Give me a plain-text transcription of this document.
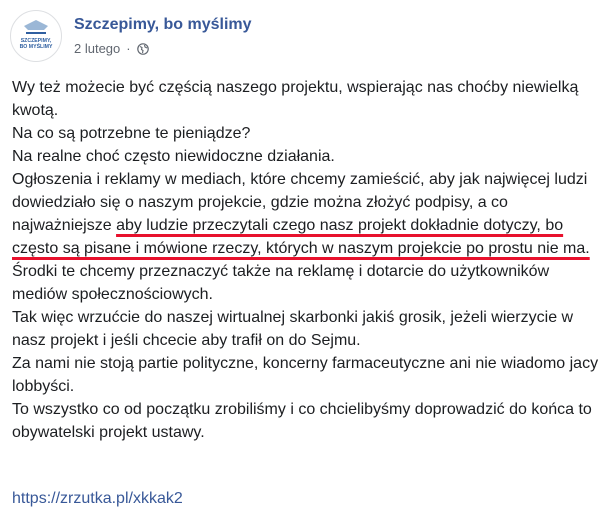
SZCZEPIMY,
BO MYŚLIMY
Szczepimy, bo myślimy
2 lutego ·

Wy też możecie być częścią naszego projektu, wspierając nas choćby niewielką kwotą.

Na co są potrzebne te pieniądze?

Na realne choć często niewidoczne działania.

Ogłoszenia i reklamy w mediach, które chcemy zamieścić, aby jak najwięcej ludzi dowiedziało się o naszym projekcie, gdzie można złożyć podpisy, a co najważniejsze aby ludzie przeczytali czego nasz projekt dokładnie dotyczy, bo często są pisane i mówione rzeczy, których w naszym projekcie po prostu nie ma.

Środki te chcemy przeznaczyć także na reklamę i dotarcie do użytkowników mediów społecznościowych.

Tak więc wrzućcie do naszej wirtualnej skarbonki jakiś grosik, jeżeli wierzycie w nasz projekt i jeśli chcecie aby trafił on do Sejmu.

Za nami nie stoją partie polityczne, koncerny farmaceutyczne ani nie wiadomo jacy lobbyści.

To wszystko co od początku zrobiliśmy i co chcielibyśmy doprowadzić do końca to obywatelski projekt ustawy.

https://zrzutka.pl/xkkak2
